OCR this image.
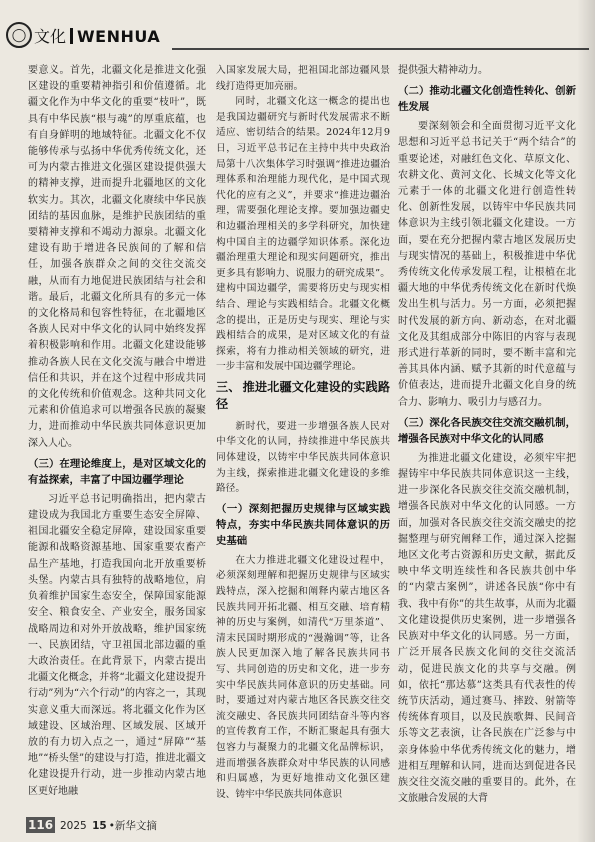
◯ 文化 WENHUA

要意义。首先，北疆文化是推进文化强区建设的重要精神指引和价值遵循。北疆文化作为中华文化的重要“枝叶”，既具有中华民族“根与魂”的厚重底蕴，也有自身鲜明的地域特征。北疆文化不仅能够传承与弘扬中华优秀传统文化，还可为内蒙古推进文化强区建设提供强大的精神支撑，进而提升北疆地区的文化软实力。其次，北疆文化赓续中华民族团结的基因血脉，是维护民族团结的重要精神支撑和不竭动力源泉。北疆文化建设有助于增进各民族间的了解和信任，加强各族群众之间的交往交流交融，从而有力地促进民族团结与社会和谐。最后，北疆文化所具有的多元一体的文化格局和包容性特征，在北疆地区各族人民对中华文化的认同中始终发挥着积极影响和作用。北疆文化建设能够推动各族人民在文化交流与融合中增进信任和共识，并在这个过程中形成共同的文化传统和价值观念。这种共同文化元素和价值追求可以增强各民族的凝聚力，进而推动中华民族共同体意识更加深入人心。

（三）在理论维度上，是对区域文化的有益探索，丰富了中国边疆学理论

习近平总书记明确指出，把内蒙古建设成为我国北方重要生态安全屏障、祖国北疆安全稳定屏障，建设国家重要能源和战略资源基地、国家重要农畜产品生产基地，打造我国向北开放重要桥头堡。内蒙古具有独特的战略地位，肩负着维护国家生态安全，保障国家能源安全、粮食安全、产业安全，服务国家战略周边和对外开放战略，维护国家统一、民族团结，守卫祖国北部边疆的重大政治责任。在此背景下，内蒙古提出北疆文化概念，并将“北疆文化建设提升行动”列为“六个行动”的内容之一，其现实意义重大而深远。将北疆文化作为区域建设、区域治理、区域发展、区域开放的有力切入点之一，通过“屏障”“基地”“桥头堡”的建设与打造，推进北疆文化建设提升行动，进一步推动内蒙古地区更好地融

入国家发展大局，把祖国北部边疆风景线打造得更加亮丽。

同时，北疆文化这一概念的提出也是我国边疆研究与新时代发展需求不断适应、密切结合的结果。2024年12月9日，习近平总书记在主持中共中央政治局第十八次集体学习时强调“推进边疆治理体系和治理能力现代化，是中国式现代化的应有之义”，并要求“推进边疆治理，需要强化理论支撑。要加强边疆史和边疆治理相关的多学科研究，加快建构中国自主的边疆学知识体系。深化边疆治理重大理论和现实问题研究，推出更多具有影响力、说服力的研究成果”。建构中国边疆学，需要将历史与现实相结合、理论与实践相结合。北疆文化概念的提出，正是历史与现实、理论与实践相结合的成果，是对区域文化的有益探索，将有力推动相关领域的研究，进一步丰富和发展中国边疆学理论。

三、 推进北疆文化建设的实践路径

新时代，要进一步增强各族人民对中华文化的认同，持续推进中华民族共同体建设，以铸牢中华民族共同体意识为主线，探索推进北疆文化建设的多维路径。

（一）深刻把握历史规律与区域实践特点，夯实中华民族共同体意识的历史基础

在大力推进北疆文化建设过程中，必须深刻理解和把握历史规律与区域实践特点，深入挖掘和阐释内蒙古地区各民族共同开拓北疆、相互交融、培育精神的历史与案例，如清代“万里茶道”、清末民国时期形成的“漫瀚调”等，让各族人民更加深入地了解各民族共同书写、共同创造的历史和文化，进一步夯实中华民族共同体意识的历史基础。同时，要通过对内蒙古地区各民族交往交流交融史、各民族共同团结奋斗等内容的宣传教育工作，不断汇聚起具有强大包容力与凝聚力的北疆文化品牌标识，进而增强各族群众对中华民族的认同感和归属感，为更好地推动文化强区建设、铸牢中华民族共同体意识

提供强大精神动力。

（二）推动北疆文化创造性转化、创新性发展

要深刻领会和全面贯彻习近平文化思想和习近平总书记关于“两个结合”的重要论述，对融红色文化、草原文化、农耕文化、黄河文化、长城文化等文化元素于一体的北疆文化进行创造性转化、创新性发展，以铸牢中华民族共同体意识为主线引领北疆文化建设。一方面，要在充分把握内蒙古地区发展历史与现实情况的基础上，积极推进中华优秀传统文化传承发展工程，让根植在北疆大地的中华优秀传统文化在新时代焕发出生机与活力。另一方面，必须把握时代发展的新方向、新动态，在对北疆文化及其组成部分中陈旧的内容与表现形式进行革新的同时，要不断丰富和完善其具体内涵、赋予其新的时代意蕴与价值表达，进而提升北疆文化自身的统合力、影响力、吸引力与感召力。

（三）深化各民族交往交流交融机制，增强各民族对中华文化的认同感

为推进北疆文化建设，必须牢牢把握铸牢中华民族共同体意识这一主线，进一步深化各民族交往交流交融机制，增强各民族对中华文化的认同感。一方面，加强对各民族交往交流交融史的挖掘整理与研究阐释工作，通过深入挖掘地区文化考古资源和历史文献，据此反映中华文明连续性和各民族共创中华的“内蒙古案例”，讲述各民族“你中有我、我中有你”的共生故事，从而为北疆文化建设提供历史案例，进一步增强各民族对中华文化的认同感。另一方面，广泛开展各民族文化间的交往交流活动，促进民族文化的共享与交融。例如，依托“那达慕”这类具有代表性的传统节庆活动，通过赛马、摔跤、射箭等传统体育项目，以及民族歌舞、民间音乐等文艺表演，让各民族在广泛参与中亲身体验中华优秀传统文化的魅力，增进相互理解和认同，进而达到促进各民族交往交流交融的重要目的。此外，在文旅融合发展的大背

116 2025 15 •新华文摘
